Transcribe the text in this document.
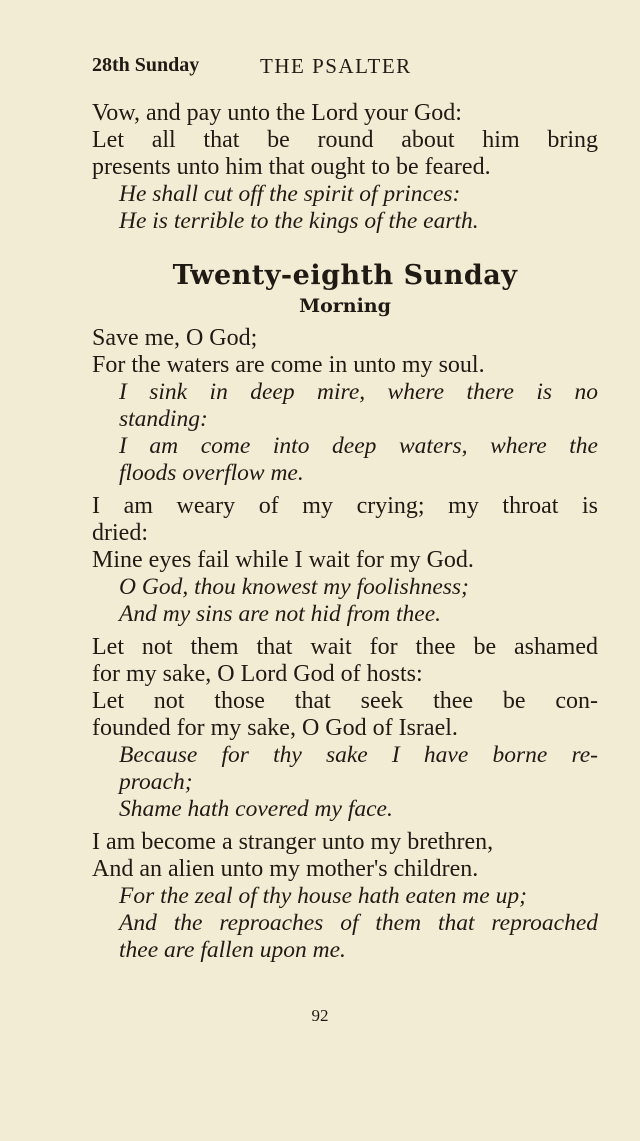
28th Sunday	THE PSALTER
Vow, and pay unto the Lord your God:
Let all that be round about him bring
presents unto him that ought to be feared.
He shall cut off the spirit of princes:
He is terrible to the kings of the earth.
Twenty-eighth Sunday
Morning
Save me, O God;
For the waters are come in unto my soul.
I sink in deep mire, where there is no
standing:
I am come into deep waters, where the
floods overflow me.
I am weary of my crying; my throat is
dried:
Mine eyes fail while I wait for my God.
O God, thou knowest my foolishness;
And my sins are not hid from thee.
Let not them that wait for thee be ashamed
for my sake, O Lord God of hosts:
Let not those that seek thee be con-
founded for my sake, O God of Israel.
Because for thy sake I have borne re-
proach;
Shame hath covered my face.
I am become a stranger unto my brethren,
And an alien unto my mother's children.
For the zeal of thy house hath eaten me up;
And the reproaches of them that reproached
thee are fallen upon me.
92
